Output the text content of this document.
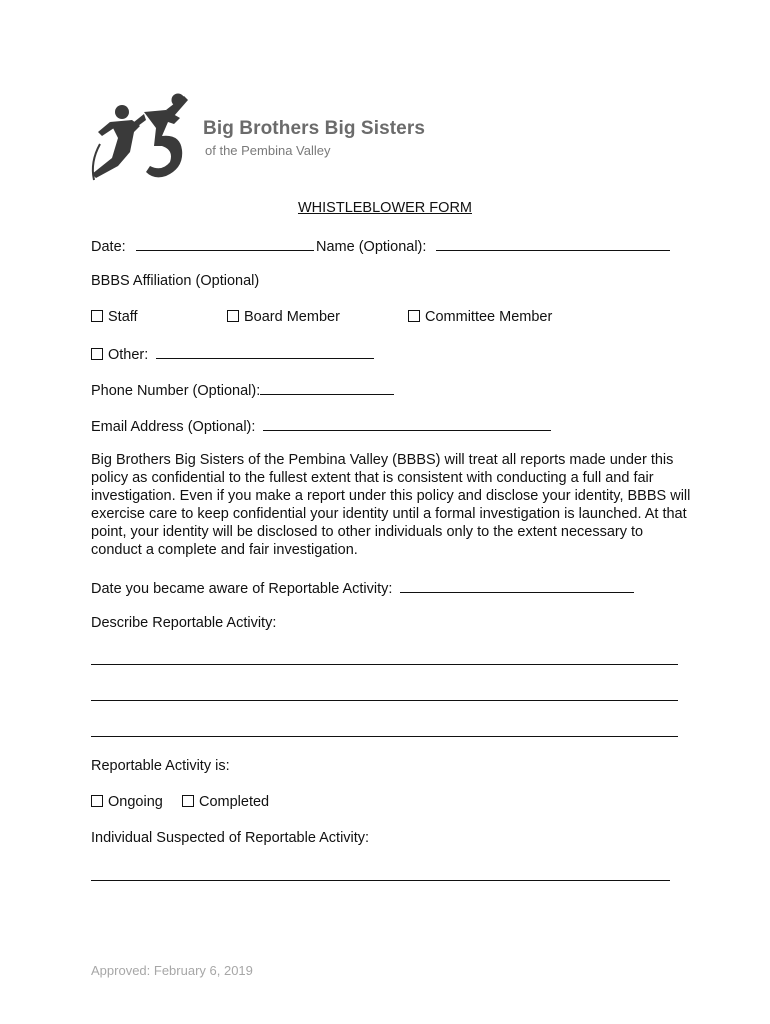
Big Brothers Big Sisters
of the Pembina Valley
WHISTLEBLOWER FORM
Date:	Name (Optional):
BBBS Affiliation (Optional)
Staff	Board Member	Committee Member
Other:
Phone Number (Optional):
Email Address (Optional):
Big Brothers Big Sisters of the Pembina Valley (BBBS) will treat all reports made under this policy as confidential to the fullest extent that is consistent with conducting a full and fair investigation. Even if you make a report under this policy and disclose your identity, BBBS will exercise care to keep confidential your identity until a formal investigation is launched. At that point, your identity will be disclosed to other individuals only to the extent necessary to conduct a complete and fair investigation.
Date you became aware of Reportable Activity:
Describe Reportable Activity:
Reportable Activity is:
Ongoing	Completed
Individual Suspected of Reportable Activity:
Approved: February 6, 2019
